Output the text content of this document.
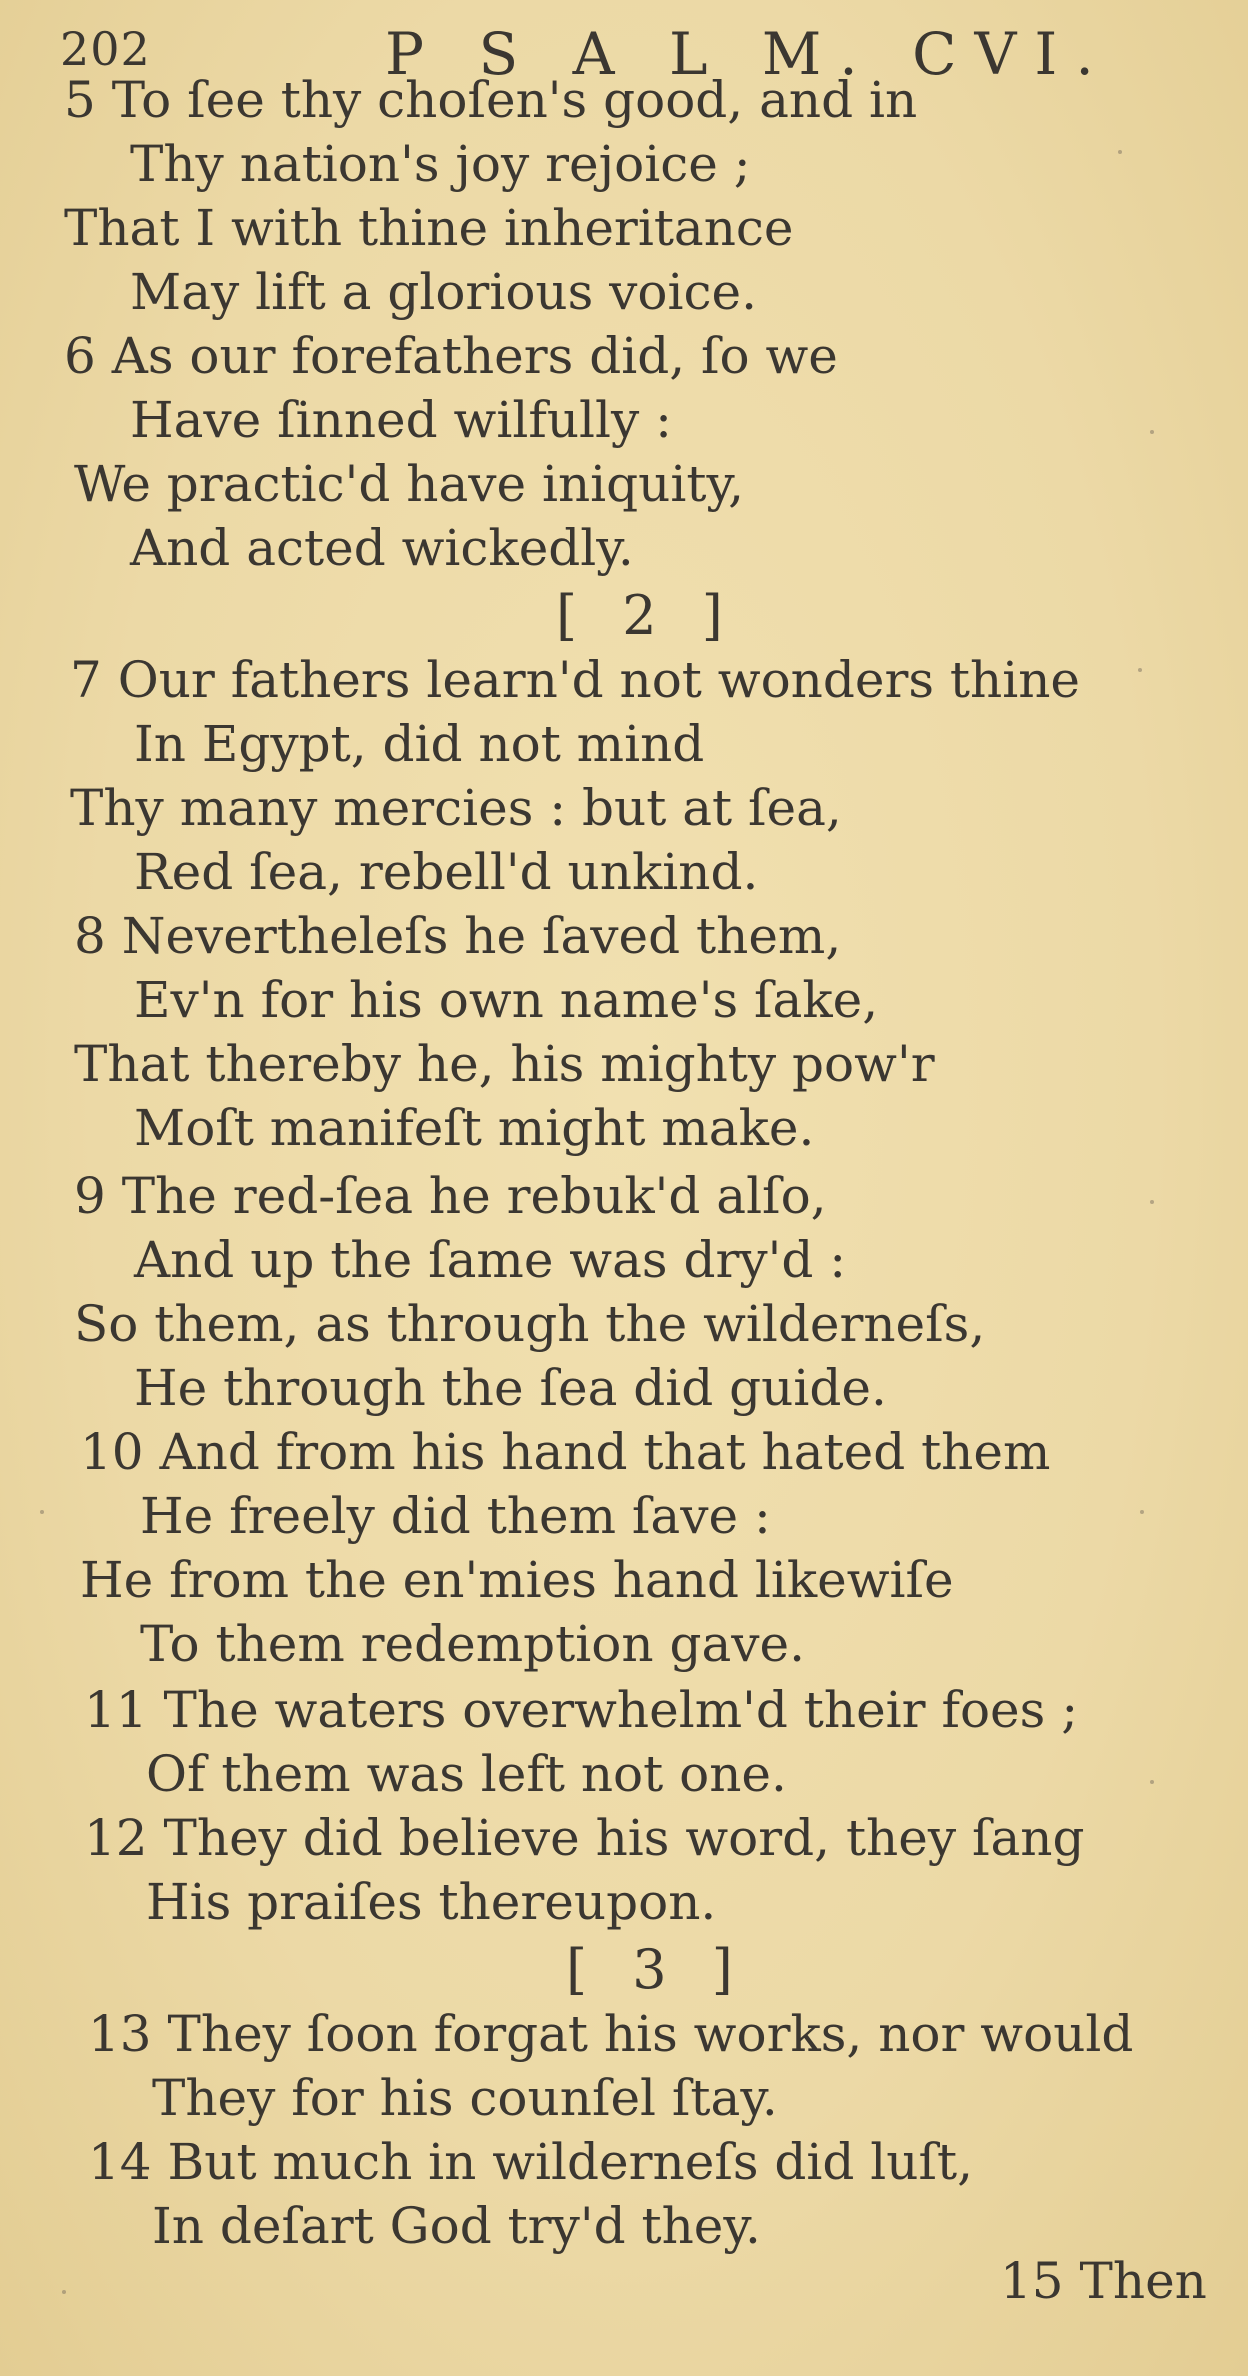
202	P S A L M. CVI.
5 To ſee thy choſen's good, and in
Thy nation's joy rejoice ;
That I with thine inheritance
May lift a glorious voice.
6 As our forefathers did, ſo we
Have ſinned wilfully :
We practic'd have iniquity,
And acted wickedly.
[ 2 ]
7 Our fathers learn'd not wonders thine
In Egypt, did not mind
Thy many mercies : but at ſea,
Red ſea, rebell'd unkind.
8 Nevertheleſs he ſaved them,
Ev'n for his own name's ſake,
That thereby he, his mighty pow'r
Moſt manifeſt might make.
9 The red-ſea he rebuk'd alſo,
And up the ſame was dry'd :
So them, as through the wilderneſs,
He through the ſea did guide.
10 And from his hand that hated them
He freely did them ſave :
He from the en'mies hand likewiſe
To them redemption gave.
11 The waters overwhelm'd their foes ;
Of them was left not one.
12 They did believe his word, they ſang
His praiſes thereupon.
[ 3 ]
13 They ſoon forgat his works, nor would
They for his counſel ſtay.
14 But much in wilderneſs did luſt,
In deſart God try'd they.
15 Then
